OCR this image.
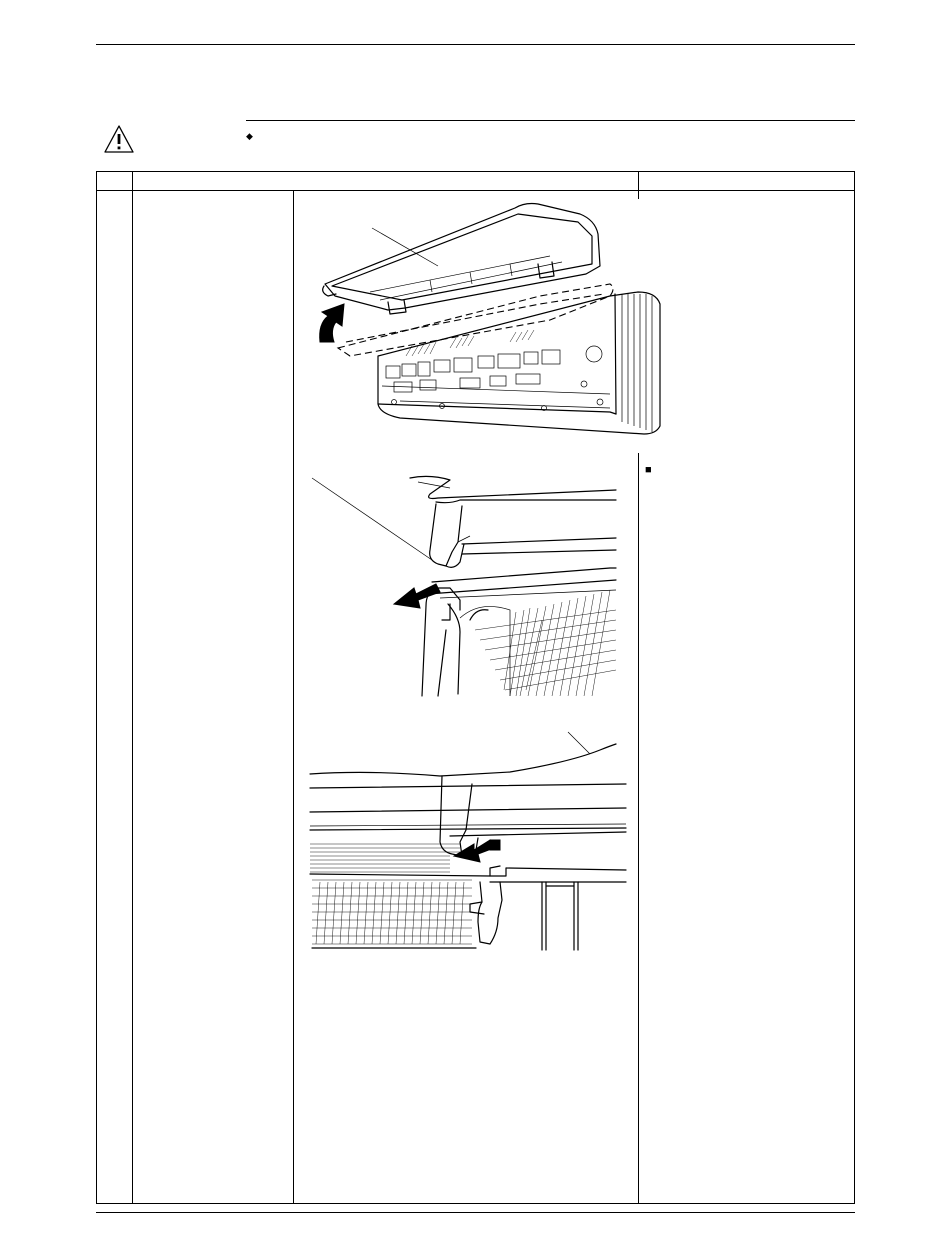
◆
■
